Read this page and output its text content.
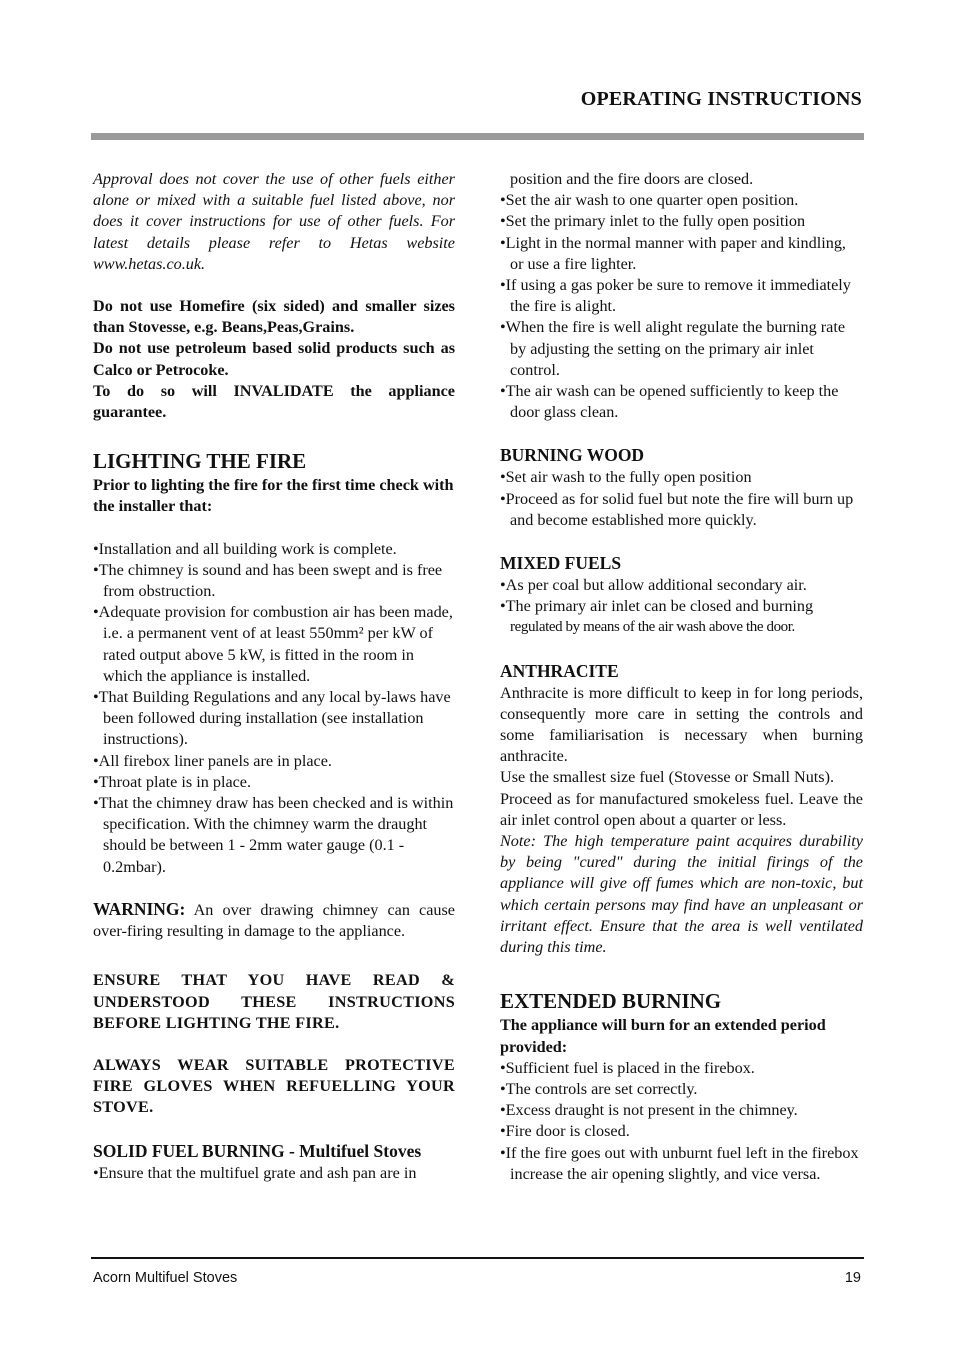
OPERATING INSTRUCTIONS
Approval does not cover the use of other fuels either alone or mixed with a suitable fuel listed above, nor does it cover instructions for use of other fuels. For latest details please refer to Hetas website www.hetas.co.uk.
Do not use Homefire (six sided) and smaller sizes than Stovesse, e.g. Beans,Peas,Grains.
Do not use petroleum based solid products such as Calco or Petrocoke.
To do so will INVALIDATE the appliance guarantee.
LIGHTING THE FIRE
Prior to lighting the fire for the first time check with the installer that:
•Installation and all building work is complete.
•The chimney is sound and has been swept and is free from obstruction.
•Adequate provision for combustion air has been made, i.e. a permanent vent of at least 550mm² per kW of rated output above 5 kW, is fitted in the room in which the appliance is installed.
•That Building Regulations and any local by-laws have been followed during installation (see installation instructions).
•All firebox liner panels are in place.
•Throat plate is in place.
•That the chimney draw has been checked and is within specification. With the chimney warm the draught should be between 1 - 2mm water gauge (0.1 - 0.2mbar).
WARNING: An over drawing chimney can cause over-firing resulting in damage to the appliance.
ENSURE THAT YOU HAVE READ & UNDERSTOOD THESE INSTRUCTIONS BEFORE LIGHTING THE FIRE.
ALWAYS WEAR SUITABLE PROTECTIVE FIRE GLOVES WHEN REFUELLING YOUR STOVE.
SOLID FUEL BURNING - Multifuel Stoves
•Ensure that the multifuel grate and ash pan are in
position and the fire doors are closed.
•Set the air wash to one quarter open position.
•Set the primary inlet to the fully open position
•Light in the normal manner with paper and kindling, or use a fire lighter.
•If using a gas poker be sure to remove it immediately the fire is alight.
•When the fire is well alight regulate the burning rate by adjusting the setting on the primary air inlet control.
•The air wash can be opened sufficiently to keep the door glass clean.
BURNING WOOD
•Set air wash to the fully open position
•Proceed as for solid fuel but note the fire will burn up and become established more quickly.
MIXED FUELS
•As per coal but allow additional secondary air.
•The primary air inlet can be closed and burning
regulated by means of the air wash above the door.
ANTHRACITE
Anthracite is more difficult to keep in for long periods, consequently more care in setting the controls and some familiarisation is necessary when burning anthracite.
Use the smallest size fuel (Stovesse or Small Nuts).
Proceed as for manufactured smokeless fuel. Leave the air inlet control open about a quarter or less.
Note: The high temperature paint acquires durability by being "cured" during the initial firings of the appliance will give off fumes which are non-toxic, but which certain persons may find have an unpleasant or irritant effect. Ensure that the area is well ventilated during this time.
EXTENDED BURNING
The appliance will burn for an extended period provided:
•Sufficient fuel is placed in the firebox.
•The controls are set correctly.
•Excess draught is not present in the chimney.
•Fire door is closed.
•If the fire goes out with unburnt fuel left in the firebox increase the air opening slightly, and vice versa.
Acorn Multifuel Stoves	19
